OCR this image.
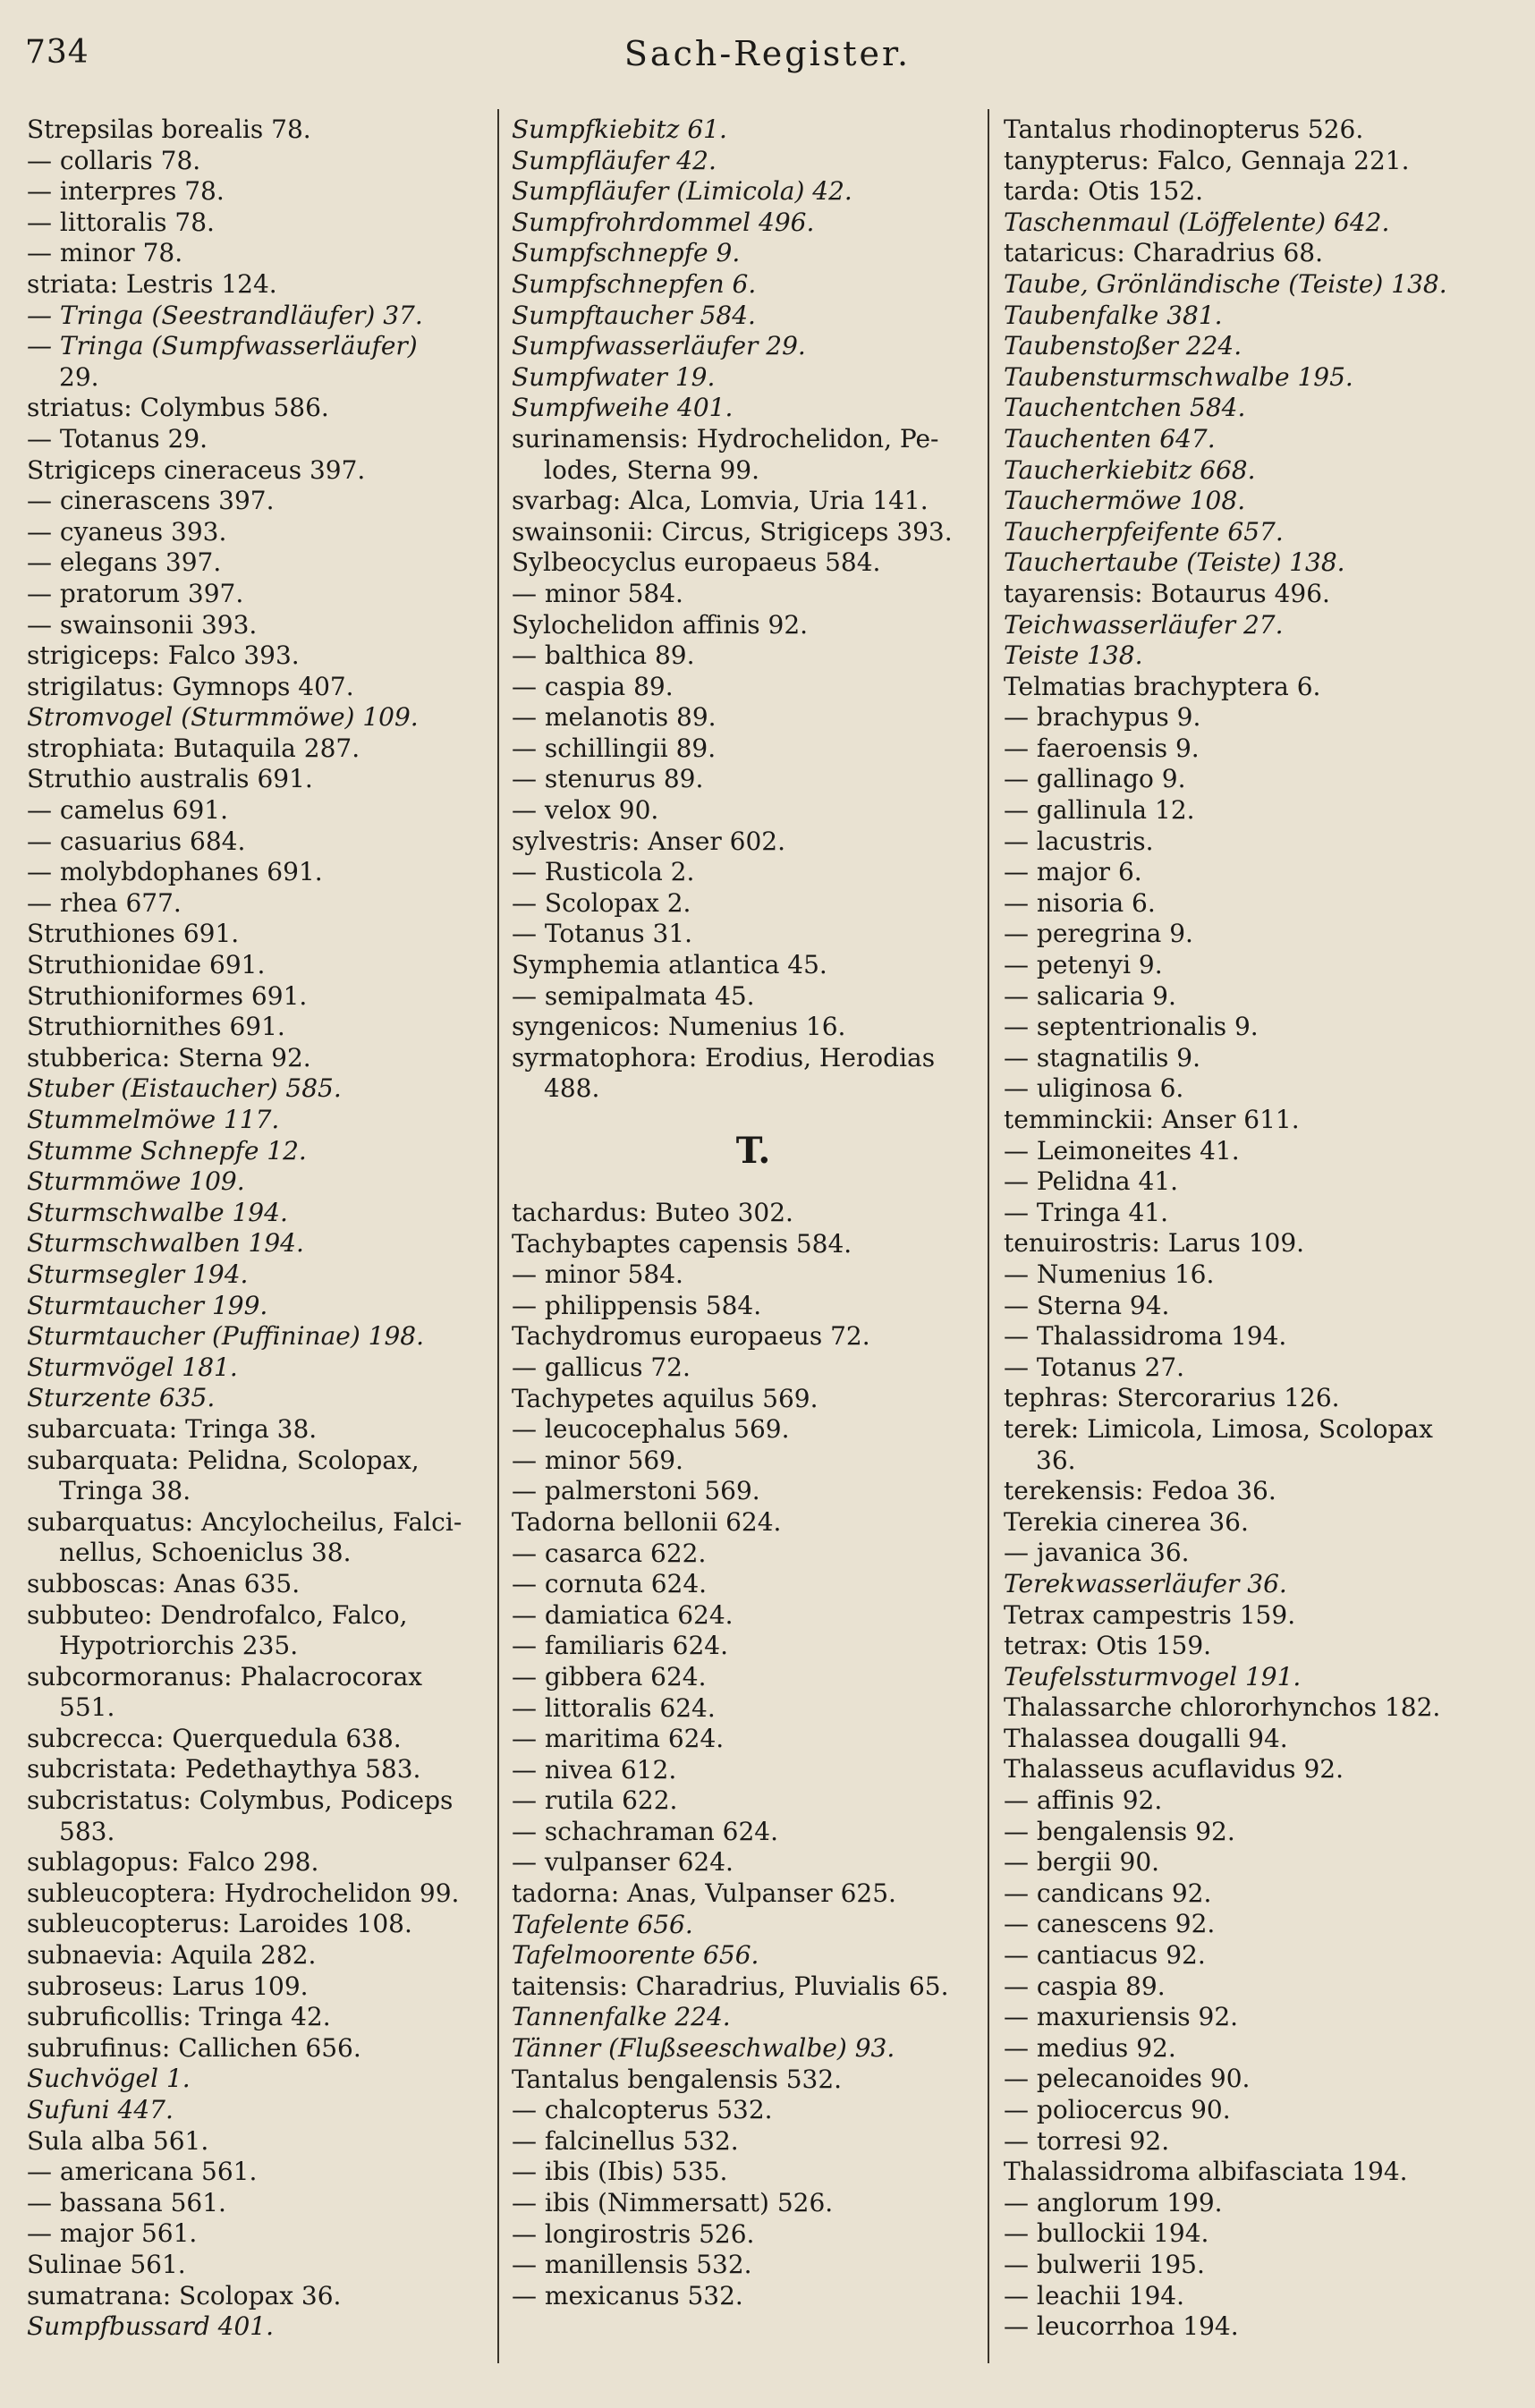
734	Sach-Register.
Strepsilas borealis 78.
— collaris 78.
— interpres 78.
— littoralis 78.
— minor 78.
striata: Lestris 124.
— Tringa (Seestrandläufer) 37.
— Tringa (Sumpfwasserläufer)
29.
striatus: Colymbus 586.
— Totanus 29.
Strigiceps cineraceus 397.
— cinerascens 397.
— cyaneus 393.
— elegans 397.
— pratorum 397.
— swainsonii 393.
strigiceps: Falco 393.
strigilatus: Gymnops 407.
Stromvogel (Sturmmöwe) 109.
strophiata: Butaquila 287.
Struthio australis 691.
— camelus 691.
— casuarius 684.
— molybdophanes 691.
— rhea 677.
Struthiones 691.
Struthionidae 691.
Struthioniformes 691.
Struthiornithes 691.
stubberica: Sterna 92.
Stuber (Eistaucher) 585.
Stummelmöwe 117.
Stumme Schnepfe 12.
Sturmmöwe 109.
Sturmschwalbe 194.
Sturmschwalben 194.
Sturmsegler 194.
Sturmtaucher 199.
Sturmtaucher (Puffininae) 198.
Sturmvögel 181.
Sturzente 635.
subarcuata: Tringa 38.
subarquata: Pelidna, Scolopax,
Tringa 38.
subarquatus: Ancylocheilus, Falci-
nellus, Schoeniclus 38.
subboscas: Anas 635.
subbuteo: Dendrofalco, Falco,
Hypotriorchis 235.
subcormoranus: Phalacrocorax
551.
subcrecca: Querquedula 638.
subcristata: Pedethaythya 583.
subcristatus: Colymbus, Podiceps
583.
sublagopus: Falco 298.
subleucoptera: Hydrochelidon 99.
subleucopterus: Laroides 108.
subnaevia: Aquila 282.
subroseus: Larus 109.
subruficollis: Tringa 42.
subrufinus: Callichen 656.
Suchvögel 1.
Sufuni 447.
Sula alba 561.
— americana 561.
— bassana 561.
— major 561.
Sulinae 561.
sumatrana: Scolopax 36.
Sumpfbussard 401.
Sumpfkiebitz 61.
Sumpfläufer 42.
Sumpfläufer (Limicola) 42.
Sumpfrohrdommel 496.
Sumpfschnepfe 9.
Sumpfschnepfen 6.
Sumpftaucher 584.
Sumpfwasserläufer 29.
Sumpfwater 19.
Sumpfweihe 401.
surinamensis: Hydrochelidon, Pe-
lodes, Sterna 99.
svarbag: Alca, Lomvia, Uria 141.
swainsonii: Circus, Strigiceps 393.
Sylbeocyclus europaeus 584.
— minor 584.
Sylochelidon affinis 92.
— balthica 89.
— caspia 89.
— melanotis 89.
— schillingii 89.
— stenurus 89.
— velox 90.
sylvestris: Anser 602.
— Rusticola 2.
— Scolopax 2.
— Totanus 31.
Symphemia atlantica 45.
— semipalmata 45.
syngenicos: Numenius 16.
syrmatophora: Erodius, Herodias
488.
T.
tachardus: Buteo 302.
Tachybaptes capensis 584.
— minor 584.
— philippensis 584.
Tachydromus europaeus 72.
— gallicus 72.
Tachypetes aquilus 569.
— leucocephalus 569.
— minor 569.
— palmerstoni 569.
Tadorna bellonii 624.
— casarca 622.
— cornuta 624.
— damiatica 624.
— familiaris 624.
— gibbera 624.
— littoralis 624.
— maritima 624.
— nivea 612.
— rutila 622.
— schachraman 624.
— vulpanser 624.
tadorna: Anas, Vulpanser 625.
Tafelente 656.
Tafelmoorente 656.
taitensis: Charadrius, Pluvialis 65.
Tannenfalke 224.
Tänner (Flußseeschwalbe) 93.
Tantalus bengalensis 532.
— chalcopterus 532.
— falcinellus 532.
— ibis (Ibis) 535.
— ibis (Nimmersatt) 526.
— longirostris 526.
— manillensis 532.
— mexicanus 532.
Tantalus rhodinopterus 526.
tanypterus: Falco, Gennaja 221.
tarda: Otis 152.
Taschenmaul (Löffelente) 642.
tataricus: Charadrius 68.
Taube, Grönländische (Teiste) 138.
Taubenfalke 381.
Taubenstoßer 224.
Taubensturmschwalbe 195.
Tauchentchen 584.
Tauchenten 647.
Taucherkiebitz 668.
Tauchermöwe 108.
Taucherpfeifente 657.
Tauchertaube (Teiste) 138.
tayarensis: Botaurus 496.
Teichwasserläufer 27.
Teiste 138.
Telmatias brachyptera 6.
— brachypus 9.
— faeroensis 9.
— gallinago 9.
— gallinula 12.
— lacustris.
— major 6.
— nisoria 6.
— peregrina 9.
— petenyi 9.
— salicaria 9.
— septentrionalis 9.
— stagnatilis 9.
— uliginosa 6.
temminckii: Anser 611.
— Leimoneites 41.
— Pelidna 41.
— Tringa 41.
tenuirostris: Larus 109.
— Numenius 16.
— Sterna 94.
— Thalassidroma 194.
— Totanus 27.
tephras: Stercorarius 126.
terek: Limicola, Limosa, Scolopax
36.
terekensis: Fedoa 36.
Terekia cinerea 36.
— javanica 36.
Terekwasserläufer 36.
Tetrax campestris 159.
tetrax: Otis 159.
Teufelssturmvogel 191.
Thalassarche chlororhynchos 182.
Thalassea dougalli 94.
Thalasseus acuflavidus 92.
— affinis 92.
— bengalensis 92.
— bergii 90.
— candicans 92.
— canescens 92.
— cantiacus 92.
— caspia 89.
— maxuriensis 92.
— medius 92.
— pelecanoides 90.
— poliocercus 90.
— torresi 92.
Thalassidroma albifasciata 194.
— anglorum 199.
— bullockii 194.
— bulwerii 195.
— leachii 194.
— leucorrhoa 194.
